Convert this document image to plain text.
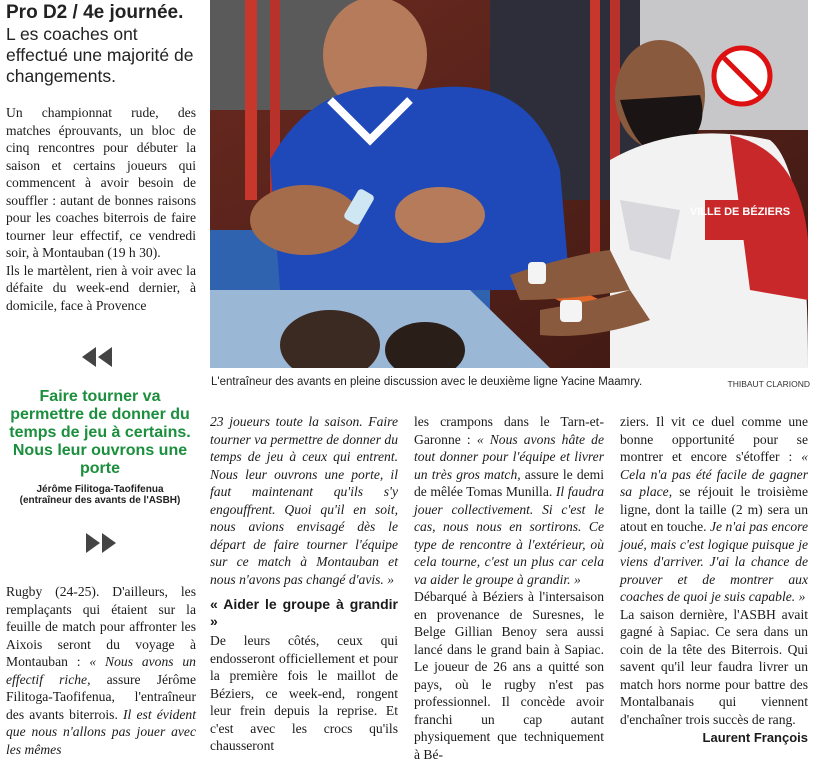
Pro D2 / 4e journée.
L es coaches ont effectué une majorité de changements.

Un championnat rude, des matches éprouvants, un bloc de cinq rencontres pour débuter la saison et certains joueurs qui commencent à avoir besoin de souffler : autant de bonnes raisons pour les coaches biterrois de faire tourner leur effectif, ce vendredi soir, à Montauban (19 h 30).

Ils le martèlent, rien à voir avec la défaite du week-end dernier, à domicile, face à Provence

Faire tourner va permettre de donner du temps de jeu à certains. Nous leur ouvrons une porte
Jérôme Filitoga-Taofifenua
(entraîneur des avants de l'ASBH)
Rugby (24-25). D'ailleurs, les remplaçants qui étaient sur la feuille de match pour affronter les Aixois seront du voyage à Montauban : « Nous avons un effectif riche, assure Jérôme Filitoga-Taofifenua, l'entraîneur des avants biterrois. Il est évident que nous n'allons pas jouer avec les mêmes
VILLE DE BÉZIERS
L'entraîneur des avants en pleine discussion avec le deuxième ligne Yacine Maamry.	THIBAUT CLARIOND

23 joueurs toute la saison. Faire tourner va permettre de donner du temps de jeu à ceux qui entrent. Nous leur ouvrons une porte, il faut maintenant qu'ils s'y engouffrent. Quoi qu'il en soit, nous avions envisagé dès le départ de faire tourner l'équipe sur ce match à Montauban et nous n'avons pas changé d'avis. »

« Aider le groupe à grandir »

De leurs côtés, ceux qui endosseront officiellement et pour la première fois le maillot de Béziers, ce week-end, rongent leur frein depuis la reprise. Et c'est avec les crocs qu'ils chausseront

les crampons dans le Tarn-et-Garonne : « Nous avons hâte de tout donner pour l'équipe et livrer un très gros match, assure le demi de mêlée Tomas Munilla. Il faudra jouer collectivement. Si c'est le cas, nous nous en sortirons. Ce type de rencontre à l'extérieur, où cela tourne, c'est un plus car cela va aider le groupe à grandir. »

Débarqué à Béziers à l'intersaison en provenance de Suresnes, le Belge Gillian Benoy sera aussi lancé dans le grand bain à Sapiac. Le joueur de 26 ans a quitté son pays, où le rugby n'est pas professionnel. Il concède avoir franchi un cap autant physiquement que techniquement à Bé-

ziers. Il vit ce duel comme une bonne opportunité pour se montrer et encore s'étoffer : « Cela n'a pas été facile de gagner sa place, se réjouit le troisième ligne, dont la taille (2 m) sera un atout en touche. Je n'ai pas encore joué, mais c'est logique puisque je viens d'arriver. J'ai la chance de prouver et de montrer aux coaches de quoi je suis capable. »

La saison dernière, l'ASBH avait gagné à Sapiac. Ce sera dans un coin de la tête des Biterrois. Qui savent qu'il leur faudra livrer un match hors norme pour battre des Montalbanais qui viennent d'enchaîner trois succès de rang.

Laurent François
